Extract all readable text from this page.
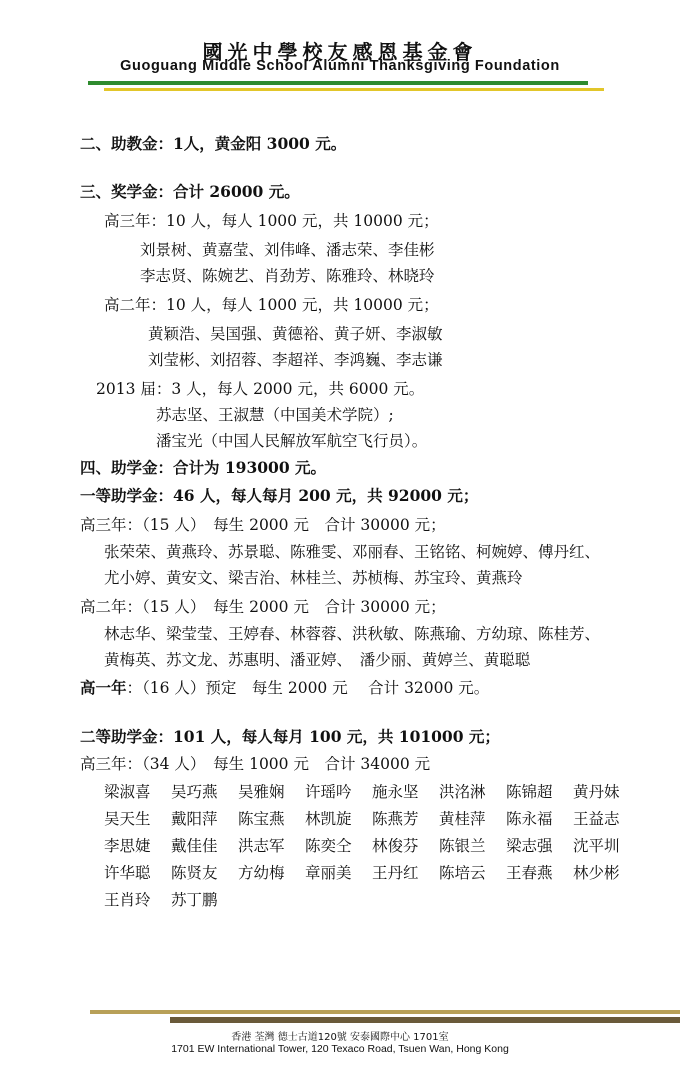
國光中學校友感恩基金會
Guoguang Middle School Alumni Thanksgiving Foundation
二、助教金：1人，黄金阳 3000 元。
三、奖学金：合计 26000 元。
高三年：10 人，每人 1000 元，共 10000 元；
刘景树、黄嘉莹、刘伟峰、潘志荣、李佳彬
李志贤、陈婉艺、肖劲芳、陈雅玲、林晓玲
高二年：10 人，每人 1000 元，共 10000 元；
黄颖浩、吴国强、黄德裕、黄子妍、李淑敏
刘莹彬、刘招蓉、李超祥、李鸿巍、李志谦
2013 届：3 人，每人 2000 元，共 6000 元。
苏志坚、王淑慧（中国美术学院）;
潘宝光（中国人民解放军航空飞行员）。
四、助学金：合计为 193000 元。
一等助学金：46 人，每人每月 200 元，共 92000 元；
高三年：（15 人）　每生 2000 元　合计 30000 元；
张荣荣、黄燕玲、苏景聪、陈雅雯、邓丽春、王铭铭、柯婉婷、傅丹红、
尤小婷、黄安文、梁吉治、林桂兰、苏桢梅、苏宝玲、黄燕玲
高二年：（15 人）　每生 2000 元　合计 30000 元；
林志华、梁莹莹、王婷春、林蓉蓉、洪秋敏、陈燕瑜、方幼琼、陈桂芳、
黄梅英、苏文龙、苏惠明、潘亚婷、　潘少丽、黄婷兰、黄聪聪
高一年：（16 人）预定　每生 2000 元　 合计 32000 元。
二等助学金：101 人，每人每月 100 元，共 101000 元；
高三年：（34 人）　每生 1000 元　合计 34000 元
梁淑喜 吴巧燕 吴雅娴 许瑶吟 施永坚 洪洺淋 陈锦超 黄丹妹
吴天生 戴阳萍 陈宝燕 林凯旋 陈燕芳 黄桂萍 陈永福 王益志
李思婕 戴佳佳 洪志军 陈奕仝 林俊芬 陈银兰 梁志强 沈平圳
许华聪 陈贤友 方幼梅 章丽美 王丹红 陈培云 王春燕 林少彬
王肖玲 苏丁鹏
香港 荃灣 德士古道120號 安泰國際中心 1701室
1701 EW International Tower, 120 Texaco Road, Tsuen Wan, Hong Kong
